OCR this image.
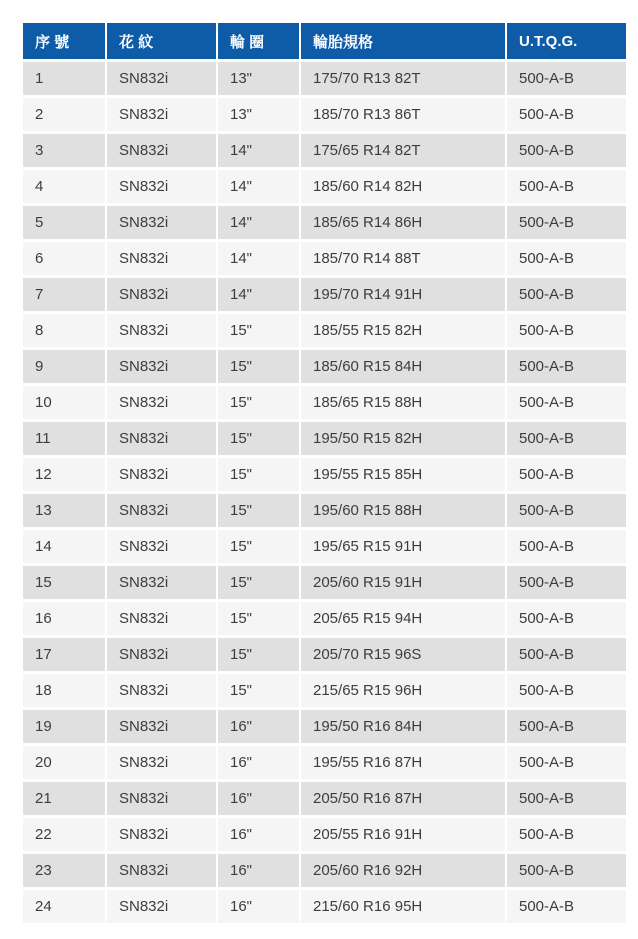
序 號	花 紋	輪 圈	輪胎規格	U.T.Q.G.
1	SN832i	13"	175/70 R13 82T	500-A-B
2	SN832i	13"	185/70 R13 86T	500-A-B
3	SN832i	14"	175/65 R14 82T	500-A-B
4	SN832i	14"	185/60 R14 82H	500-A-B
5	SN832i	14"	185/65 R14 86H	500-A-B
6	SN832i	14"	185/70 R14 88T	500-A-B
7	SN832i	14"	195/70 R14 91H	500-A-B
8	SN832i	15"	185/55 R15 82H	500-A-B
9	SN832i	15"	185/60 R15 84H	500-A-B
10	SN832i	15"	185/65 R15 88H	500-A-B
11	SN832i	15"	195/50 R15 82H	500-A-B
12	SN832i	15"	195/55 R15 85H	500-A-B
13	SN832i	15"	195/60 R15 88H	500-A-B
14	SN832i	15"	195/65 R15 91H	500-A-B
15	SN832i	15"	205/60 R15 91H	500-A-B
16	SN832i	15"	205/65 R15 94H	500-A-B
17	SN832i	15"	205/70 R15 96S	500-A-B
18	SN832i	15"	215/65 R15 96H	500-A-B
19	SN832i	16"	195/50 R16 84H	500-A-B
20	SN832i	16"	195/55 R16 87H	500-A-B
21	SN832i	16"	205/50 R16 87H	500-A-B
22	SN832i	16"	205/55 R16 91H	500-A-B
23	SN832i	16"	205/60 R16 92H	500-A-B
24	SN832i	16"	215/60 R16 95H	500-A-B
